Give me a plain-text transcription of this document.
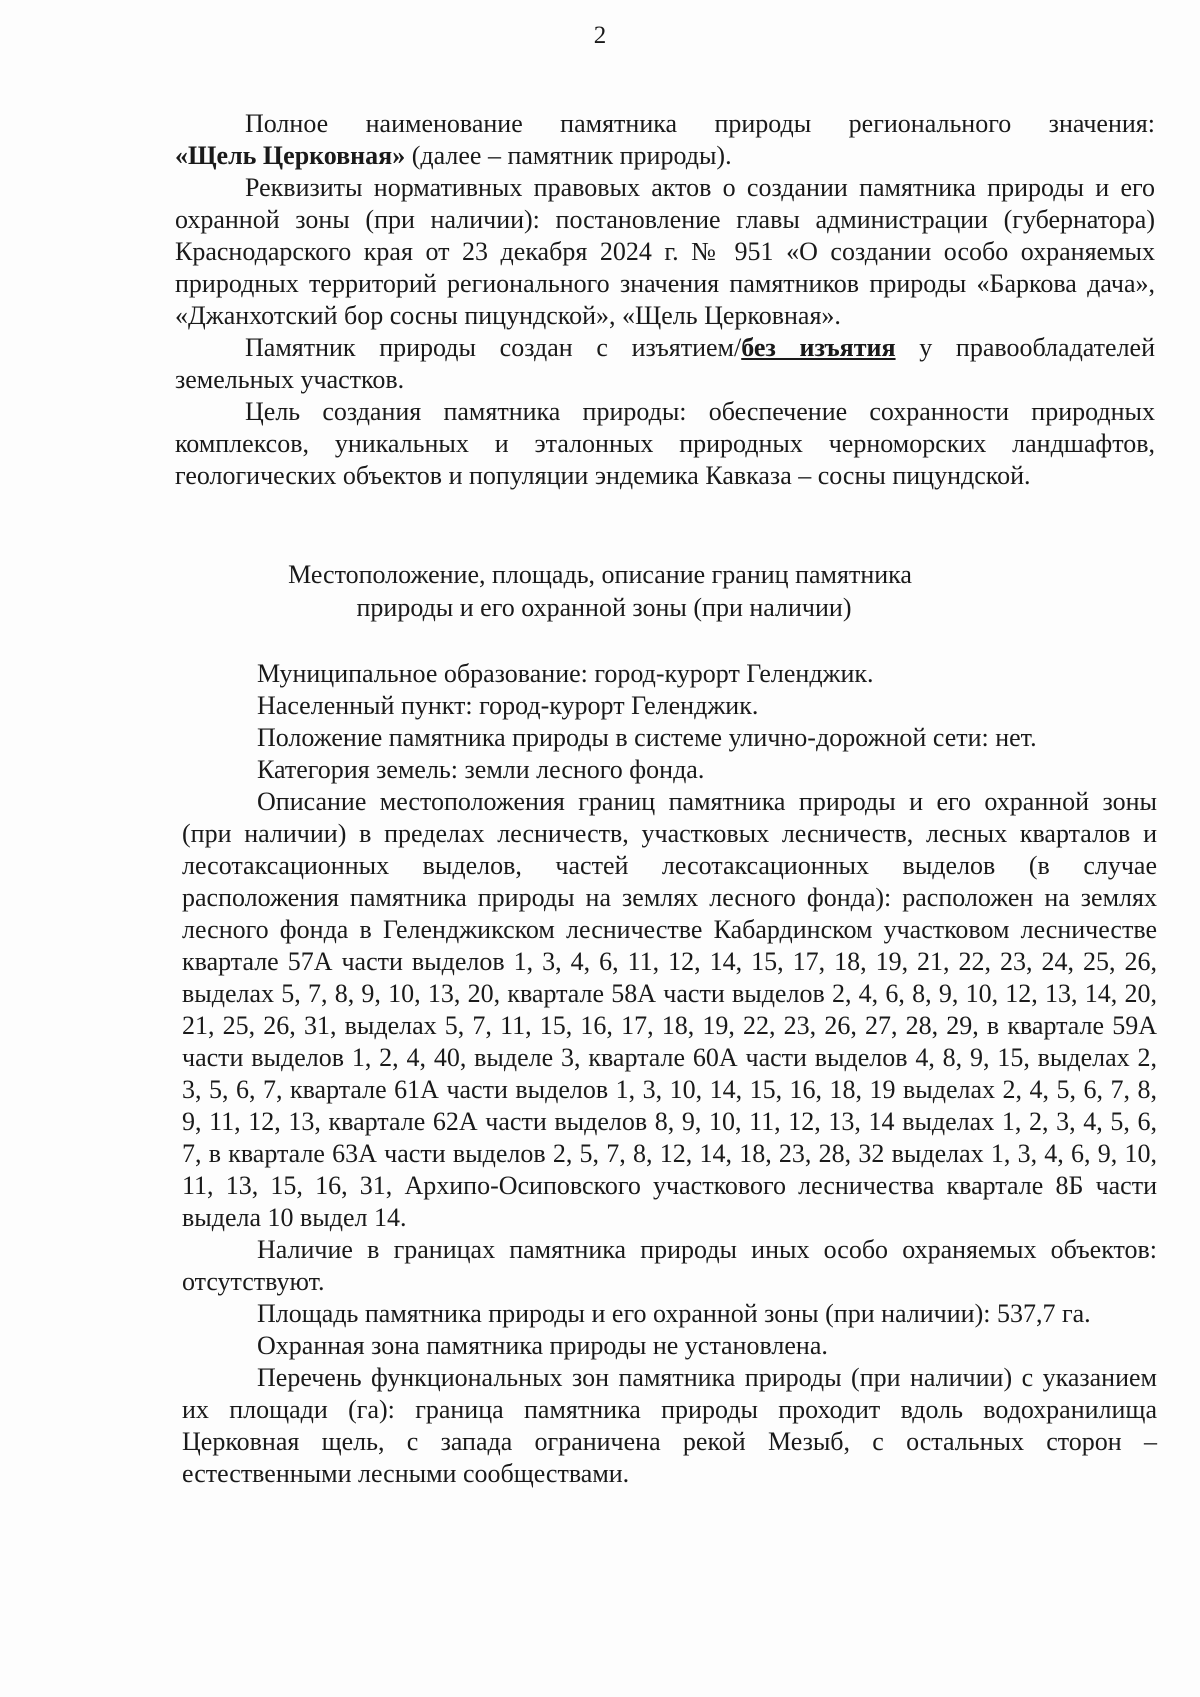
2

Полное наименование памятника природы регионального значения:

«Щель Церковная» (далее – памятник природы).

Реквизиты нормативных правовых актов о создании памятника природы и его охранной зоны (при наличии): постановление главы администрации (губернатора) Краснодарского края от 23 декабря 2024 г. № 951 «О создании особо охраняемых природных территорий регионального значения памятников природы «Баркова дача», «Джанхотский бор сосны пицундской», «Щель Церковная».

Памятник природы создан с изъятием/без изъятия у правообладателей земельных участков.

Цель создания памятника природы: обеспечение сохранности природных комплексов, уникальных и эталонных природных черноморских ландшафтов, геологических объектов и популяции эндемика Кавказа – сосны пицундской.

Местоположение, площадь, описание границ памятника
природы и его охранной зоны (при наличии)

Муниципальное образование: город-курорт Геленджик.

Населенный пункт: город-курорт Геленджик.

Положение памятника природы в системе улично-дорожной сети: нет.

Категория земель: земли лесного фонда.

Описание местоположения границ памятника природы и его охранной зоны (при наличии) в пределах лесничеств, участковых лесничеств, лесных кварталов и лесотаксационных выделов, частей лесотаксационных выделов (в случае расположения памятника природы на землях лесного фонда): расположен на землях лесного фонда в Геленджикском лесничестве Кабардинском участковом лесничестве квартале 57А части выделов 1, 3, 4, 6, 11, 12, 14, 15, 17, 18, 19, 21, 22, 23, 24, 25, 26, выделах 5, 7, 8, 9, 10, 13, 20, квартале 58А части выделов 2, 4, 6, 8, 9, 10, 12, 13, 14, 20, 21, 25, 26, 31, выделах 5, 7, 11, 15, 16, 17, 18, 19, 22, 23, 26, 27, 28, 29, в квартале 59А части выделов 1, 2, 4, 40, выделе 3, квартале 60А части выделов 4, 8, 9, 15, выделах 2, 3, 5, 6, 7, квартале 61А части выделов 1, 3, 10, 14, 15, 16, 18, 19 выделах 2, 4, 5, 6, 7, 8, 9, 11, 12, 13, квартале 62А части выделов 8, 9, 10, 11, 12, 13, 14 выделах 1, 2, 3, 4, 5, 6, 7, в квартале 63А части выделов 2, 5, 7, 8, 12, 14, 18, 23, 28, 32 выделах 1, 3, 4, 6, 9, 10, 11, 13, 15, 16, 31, Архипо-Осиповского участкового лесничества квартале 8Б части выдела 10 выдел 14.

Наличие в границах памятника природы иных особо охраняемых объектов: отсутствуют.

Площадь памятника природы и его охранной зоны (при наличии): 537,7 га.

Охранная зона памятника природы не установлена.

Перечень функциональных зон памятника природы (при наличии) с указанием их площади (га): граница памятника природы проходит вдоль водохранилища Церковная щель, с запада ограничена рекой Мезыб, с остальных сторон – естественными лесными сообществами.
